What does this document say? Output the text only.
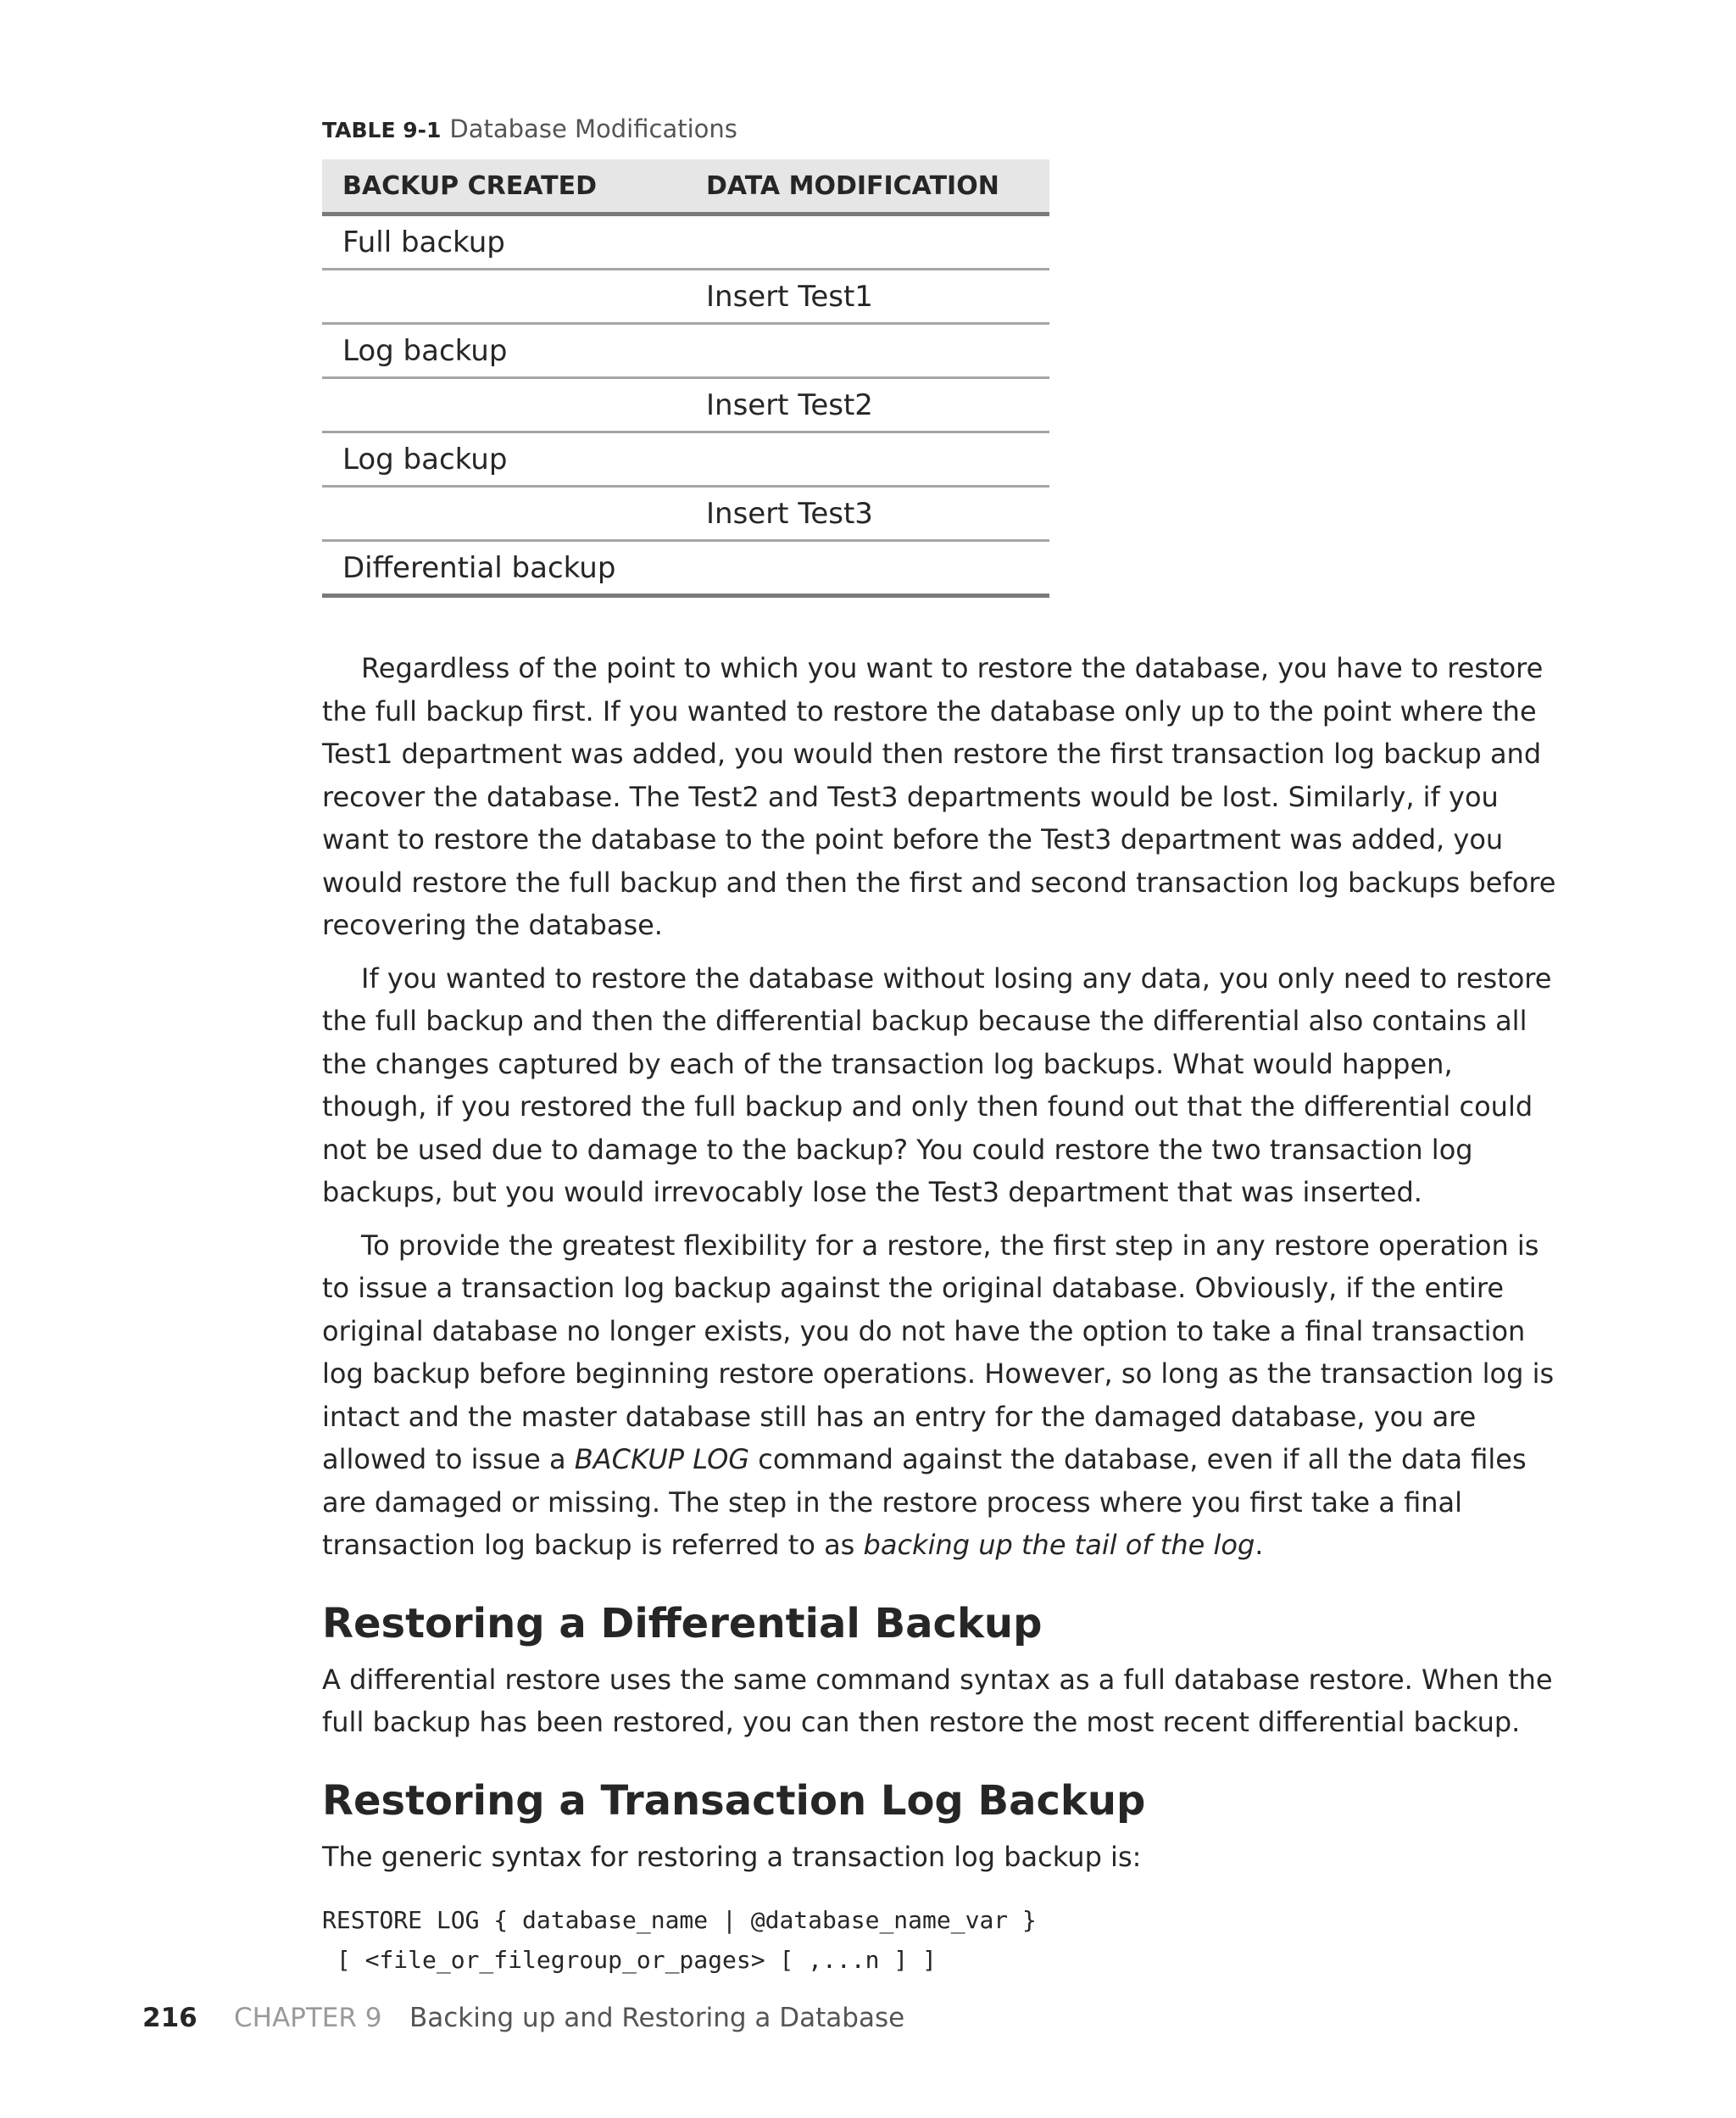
TABLE 9-1 Database Modifications
BACKUP CREATED	DATA MODIFICATION
Full backup	
	Insert Test1
Log backup	
	Insert Test2
Log backup	
	Insert Test3
Differential backup	

Regardless of the point to which you want to restore the database, you have to restore the full backup first. If you wanted to restore the database only up to the point where the Test1 department was added, you would then restore the first transaction log backup and recover the database. The Test2 and Test3 departments would be lost. Similarly, if you want to restore the database to the point before the Test3 department was added, you would restore the full backup and then the first and second transaction log backups before recovering the database.

If you wanted to restore the database without losing any data, you only need to restore the full backup and then the differential backup because the differential also contains all the changes captured by each of the transaction log backups. What would happen, though, if you restored the full backup and only then found out that the differential could not be used due to damage to the backup? You could restore the two transaction log backups, but you would irrevocably lose the Test3 department that was inserted.

To provide the greatest flexibility for a restore, the first step in any restore operation is to issue a transaction log backup against the original database. Obviously, if the entire original database no longer exists, you do not have the option to take a final transaction log backup before beginning restore operations. However, so long as the transaction log is intact and the master database still has an entry for the damaged database, you are allowed to issue a BACKUP LOG command against the database, even if all the data files are damaged or missing. The step in the restore process where you first take a final transaction log backup is referred to as backing up the tail of the log.

Restoring a Differential Backup

A differential restore uses the same command syntax as a full database restore. When the full backup has been restored, you can then restore the most recent differential backup.

Restoring a Transaction Log Backup

The generic syntax for restoring a transaction log backup is:

RESTORE LOG { database_name | @database_name_var }
[ <file_or_filegroup_or_pages> [ ,...n ] ]
216 CHAPTER 9 Backing up and Restoring a Database
